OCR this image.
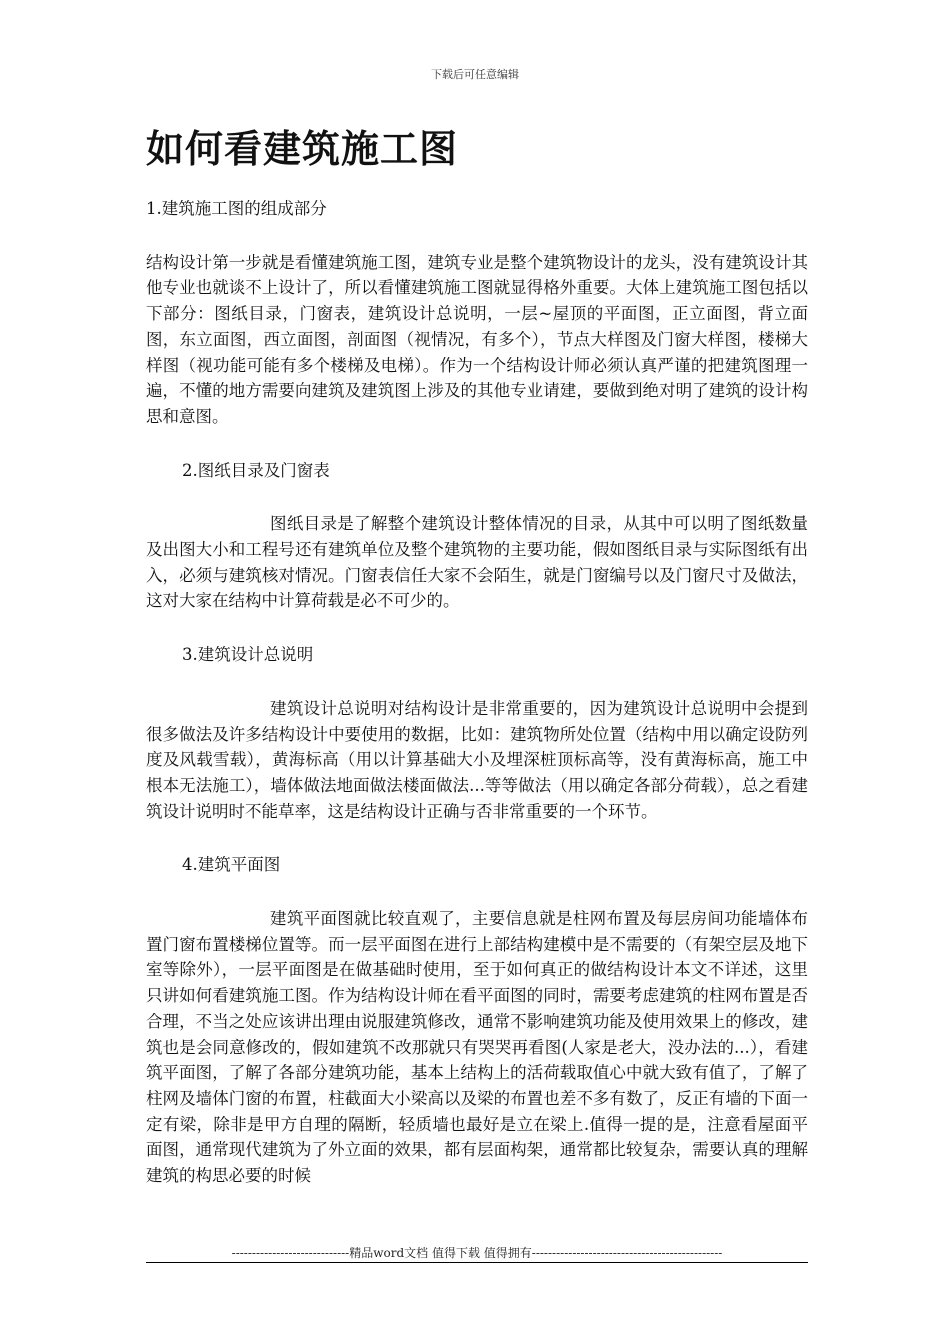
下载后可任意编辑
如何看建筑施工图

1.建筑施工图的组成部分

结构设计第一步就是看懂建筑施工图，建筑专业是整个建筑物设计的龙头，没有建筑设计其他专业也就谈不上设计了，所以看懂建筑施工图就显得格外重要。大体上建筑施工图包括以下部分：图纸目录，门窗表，建筑设计总说明，一层~屋顶的平面图，正立面图，背立面图，东立面图，西立面图，剖面图（视情况，有多个），节点大样图及门窗大样图，楼梯大样图（视功能可能有多个楼梯及电梯）。作为一个结构设计师必须认真严谨的把建筑图理一遍，不懂的地方需要向建筑及建筑图上涉及的其他专业请建，要做到绝对明了建筑的设计构思和意图。

2.图纸目录及门窗表

图纸目录是了解整个建筑设计整体情况的目录，从其中可以明了图纸数量及出图大小和工程号还有建筑单位及整个建筑物的主要功能，假如图纸目录与实际图纸有出入，必须与建筑核对情况。门窗表信任大家不会陌生，就是门窗编号以及门窗尺寸及做法，这对大家在结构中计算荷载是必不可少的。

3.建筑设计总说明

建筑设计总说明对结构设计是非常重要的，因为建筑设计总说明中会提到很多做法及许多结构设计中要使用的数据，比如：建筑物所处位置（结构中用以确定设防列度及风载雪载），黄海标高（用以计算基础大小及埋深桩顶标高等，没有黄海标高，施工中根本无法施工），墙体做法地面做法楼面做法...等等做法（用以确定各部分荷载），总之看建筑设计说明时不能草率，这是结构设计正确与否非常重要的一个环节。

4.建筑平面图

建筑平面图就比较直观了，主要信息就是柱网布置及每层房间功能墙体布置门窗布置楼梯位置等。而一层平面图在进行上部结构建模中是不需要的（有架空层及地下室等除外），一层平面图是在做基础时使用，至于如何真正的做结构设计本文不详述，这里只讲如何看建筑施工图。作为结构设计师在看平面图的同时，需要考虑建筑的柱网布置是否合理，不当之处应该讲出理由说服建筑修改，通常不影响建筑功能及使用效果上的修改，建筑也是会同意修改的，假如建筑不改那就只有哭哭再看图(人家是老大，没办法的...），看建筑平面图，了解了各部分建筑功能，基本上结构上的活荷载取值心中就大致有值了，了解了柱网及墙体门窗的布置，柱截面大小梁高以及梁的布置也差不多有数了，反正有墙的下面一定有梁，除非是甲方自理的隔断，轻质墙也最好是立在梁上.值得一提的是，注意看屋面平面图，通常现代建筑为了外立面的效果，都有层面构架，通常都比较复杂，需要认真的理解建筑的构思必要的时候

-----------------------------精品word文档 值得下载 值得拥有-----------------------------------------------
